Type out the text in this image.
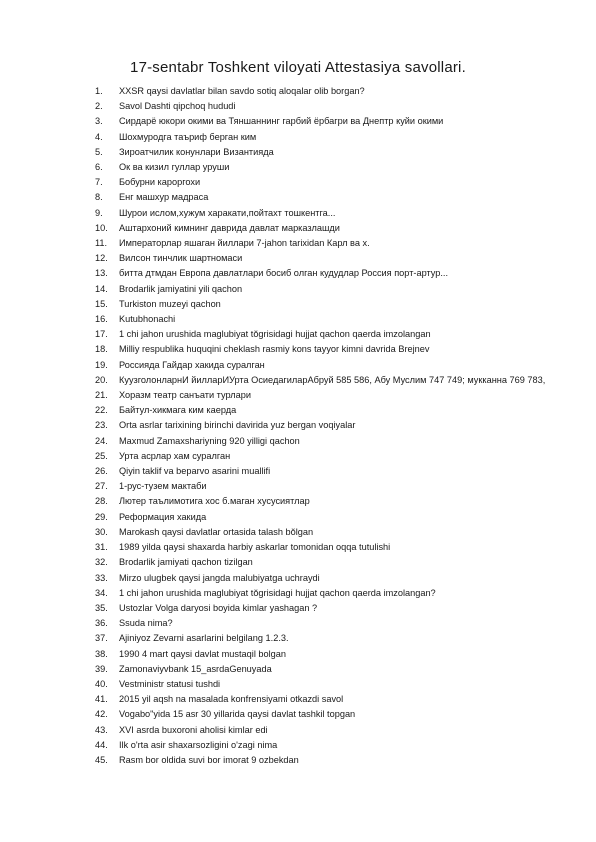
17-sentabr Toshkent viloyati Attestasiya savollari.
1.	XXSR qaysi davlatlar bilan savdo sotiq aloqalar olib borgan?
2.	Savol Dashti qipchoq hududi
3.	Сирдарё юкори окими ва Тяншаннинг гарбий ёрбагри ва Днептр куйи окими
4.	Шохмуродга таъриф берган ким
5.	Зироатчилик конунлари Византияда
6.	Ок ва кизил гуллар уруши
7.	Бобурни кароргохи
8.	Енг машхур мадраса
9.	Шурои ислом,хужум харакати,пойтахт тошкентга...
10.	Аштархоний кимнинг даврида давлат марказлашди
11.	Императорлар яшаган йиллари 7-jahon tarixidan Карл ва х.
12.	Вилсон тинчлик шартномаси
13.	битта дтмдан Европа давлатлари босиб олган кудудлар Россия порт-артур...
14.	Brodarlik jamiyatini yili qachon
15.	Turkiston muzeyi qachon
16.	Kutubhonachi
17.	1 chi jahon urushida maglubiyat tŏgrisidagi hujjat qachon qaerda imzolangan
18.	Milliy respublika huquqini cheklash rasmiy kons tayyor kimni davrida Brejnev
19.	Россияда Гайдар хакида суралган
20.	КуузголонларнИ йилларИУрта ОсиедагиларАбруй 585 586, Абу Муслим 747 749; мукканна 769 783,
21.	Хоразм театр санъати турлари
22.	Байтул-хикмага ким каерда
23.	Orta asrlar tarixining birinchi davirida yuz bergan voqiyalar
24.	Maxmud Zamaxshariyning 920 yilligi qachon
25.	Урта асрлар хам суралган
26.	Qiyin taklif va beparvo asarini muallifi
27.	1-рус-тузем мактаби
28.	Лютер таълимотига хос б.маган хусусиятлар
29.	Реформация хакида
30.	Marokash qaysi davlatlar ortasida talash bŏlgan
31.	1989 yilda qaysi shaxarda harbiy askarlar tomonidan oqqa tutulishi
32.	Brodarlik jamiyati qachon tizilgan
33.	Mirzo ulugbek qaysi jangda malubiyatga uchraydi
34.	1 chi jahon urushida maglubiyat tŏgrisidagi hujjat qachon qaerda imzolangan?
35.	Ustozlar Volga daryosi boyida kimlar yashagan ?
36.	Ssuda nima?
37.	Ajiniyoz Zevarni asarlarini belgilang 1.2.3.
38.	1990 4 mart qaysi davlat mustaqil bolgan
39.	Zamonaviyvbank 15_asrdaGenuyada
40.	Vestministr statusi tushdi
41.	2015 yil aqsh na masalada konfrensiyami otkazdi savol
42.	Vogabo"yida 15 asr 30 yillarida qaysi davlat tashkil topgan
43.	XVI asrda buxoroni aholisi kimlar edi
44.	Ilk o'rta asir shaxarsozligini o'zagi nima
45.	Rasm bor oldida suvi bor imorat 9 ozbekdan
